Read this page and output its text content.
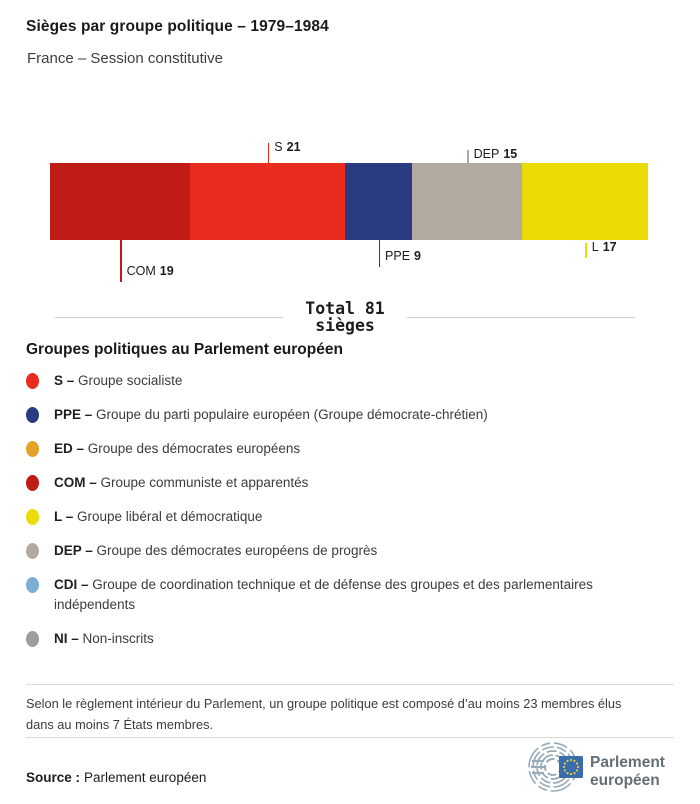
Sièges par groupe politique – 1979–1984
France – Session constitutive
COM 19
S 21
PPE 9
DEP 15
L 17
Total 81
sièges
Groupes politiques au Parlement européen
S – Groupe socialiste
PPE – Groupe du parti populaire européen (Groupe démocrate-chrétien)
ED – Groupe des démocrates européens
COM – Groupe communiste et apparentés
L – Groupe libéral et démocratique
DEP – Groupe des démocrates européens de progrès
CDI – Groupe de coordination technique et de défense des groupes et des parlementaires indépendents
NI – Non-inscrits
Selon le règlement intérieur du Parlement, un groupe politique est composé d’au moins 23 membres élus dans au moins 7 États membres.
Source : Parlement européen
Parlement
européen
